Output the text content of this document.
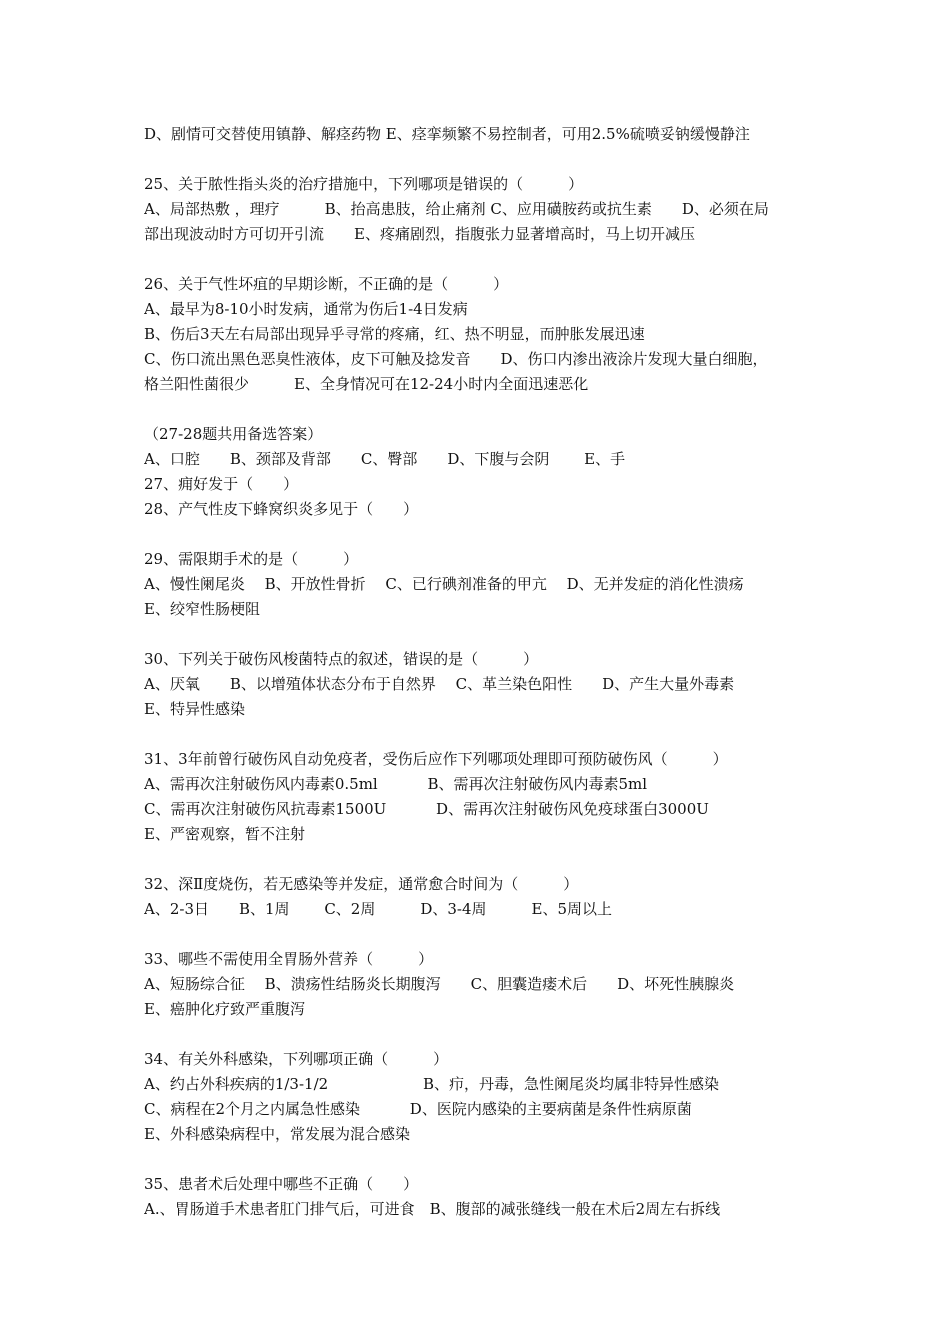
D、剧情可交替使用镇静、解痉药物 E、痉挛频繁不易控制者，可用2.5%硫喷妥钠缓慢静注
25、关于脓性指头炎的治疗措施中，下列哪项是错误的（　　　）
A、局部热敷 ，理疗　　　B、抬高患肢，给止痛剂 C、应用磺胺药或抗生素　　D、必须在局
部出现波动时方可切开引流　　E、疼痛剧烈，指腹张力显著增高时，马上切开减压
26、关于气性坏疽的早期诊断，不正确的是（　　　）
A、最早为8-10小时发病，通常为伤后1-4日发病
B、伤后3天左右局部出现异乎寻常的疼痛，红、热不明显，而肿胀发展迅速
C、伤口流出黑色恶臭性液体，皮下可触及捻发音　　D、伤口内渗出液涂片发现大量白细胞，
格兰阳性菌很少　　　E、全身情况可在12-24小时内全面迅速恶化
（27-28题共用备选答案）
A、口腔　　B、颈部及背部　　C、臀部　　D、下腹与会阴　　 E、手
27、痈好发于（　　）
28、产气性皮下蜂窝织炎多见于（　　）
29、需限期手术的是（　　　）
A、慢性阑尾炎　 B、开放性骨折　 C、已行碘剂准备的甲亢　 D、无并发症的消化性溃疡
E、绞窄性肠梗阻
30、下列关于破伤风梭菌特点的叙述，错误的是（　　　）
A、厌氧　　B、以增殖体状态分布于自然界　 C、革兰染色阳性　　D、产生大量外毒素
E、特异性感染
31、3年前曾行破伤风自动免疫者，受伤后应作下列哪项处理即可预防破伤风（　　　）
A、需再次注射破伤风内毒素0.5ml　　　 B、需再次注射破伤风内毒素5ml
C、需再次注射破伤风抗毒素1500U　　　 D、需再次注射破伤风免疫球蛋白3000U
E、严密观察，暂不注射
32、深Ⅱ度烧伤，若无感染等并发症，通常愈合时间为（　　　）
A、2-3日　　B、1周　　 C、2周　　　D、3-4周　　　E、5周以上
33、哪些不需使用全胃肠外营养（　　　）
A、短肠综合征　 B、溃疡性结肠炎长期腹泻　　C、胆囊造瘘术后　　D、坏死性胰腺炎
E、癌肿化疗致严重腹泻
34、有关外科感染，下列哪项正确（　　　）
A、约占外科疾病的1/3-1/2　　　　　　 B、疖，丹毒，急性阑尾炎均属非特异性感染
C、病程在2个月之内属急性感染　　　 D、医院内感染的主要病菌是条件性病原菌
E、外科感染病程中，常发展为混合感染
35、患者术后处理中哪些不正确（　　）
A.、胃肠道手术患者肛门排气后，可进食　B、腹部的减张缝线一般在术后2周左右拆线
